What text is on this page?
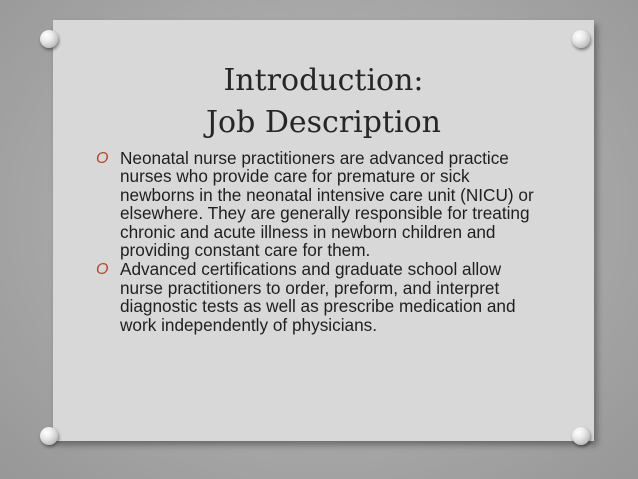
Introduction:
Job Description
O Neonatal nurse practitioners are advanced practice nurses who provide care for premature or sick newborns in the neonatal intensive care unit (NICU) or elsewhere. They are generally responsible for treating chronic and acute illness in newborn children and providing constant care for them.
O Advanced certifications and graduate school allow nurse practitioners to order, preform, and interpret diagnostic tests as well as prescribe medication and work independently of physicians.
